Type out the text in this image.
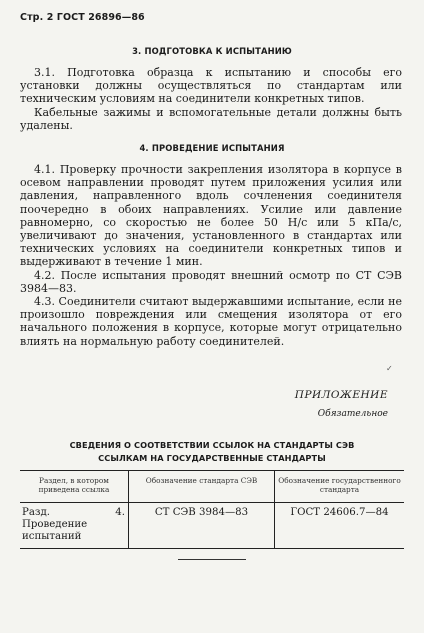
Стр. 2 ГОСТ 26896—86
3. ПОДГОТОВКА К ИСПЫТАНИЮ

3.1. Подготовка образца к испытанию и способы его установки должны осуществляться по стандартам или техническим условиям на соединители конкретных типов.

Кабельные зажимы и вспомогательные детали должны быть удалены.

4. ПРОВЕДЕНИЕ ИСПЫТАНИЯ

4.1. Проверку прочности закрепления изолятора в корпусе в осевом направлении проводят путем приложения усилия или давления, направленного вдоль сочленения соединителя поочередно в обоих направлениях. Усилие или давление равномерно, со скоростью не более 50 Н/с или 5 кПа/с, увеличивают до значения, установленного в стандартах или технических условиях на соединители конкретных типов и выдерживают в течение 1 мин.

4.2. После испытания проводят внешний осмотр по СТ СЭВ 3984—83.

4.3. Соединители считают выдержавшими испытание, если не произошло повреждения или смещения изолятора от его начального положения в корпусе, которые могут отрицательно влиять на нормальную работу соединителей.

✓
ПРИЛОЖЕНИЕ
Обязательное
СВЕДЕНИЯ О СООТВЕТСТВИИ ССЫЛОК НА СТАНДАРТЫ СЭВ
ССЫЛКАМ НА ГОСУДАРСТВЕННЫЕ СТАНДАРТЫ
Раздел, в котором приведена ссылка
Обозначение стандарта СЭВ	Обозначение государственного стандарта
Разд. 4. Проведение испытаний
СТ СЭВ 3984—83	ГОСТ 24606.7—84
